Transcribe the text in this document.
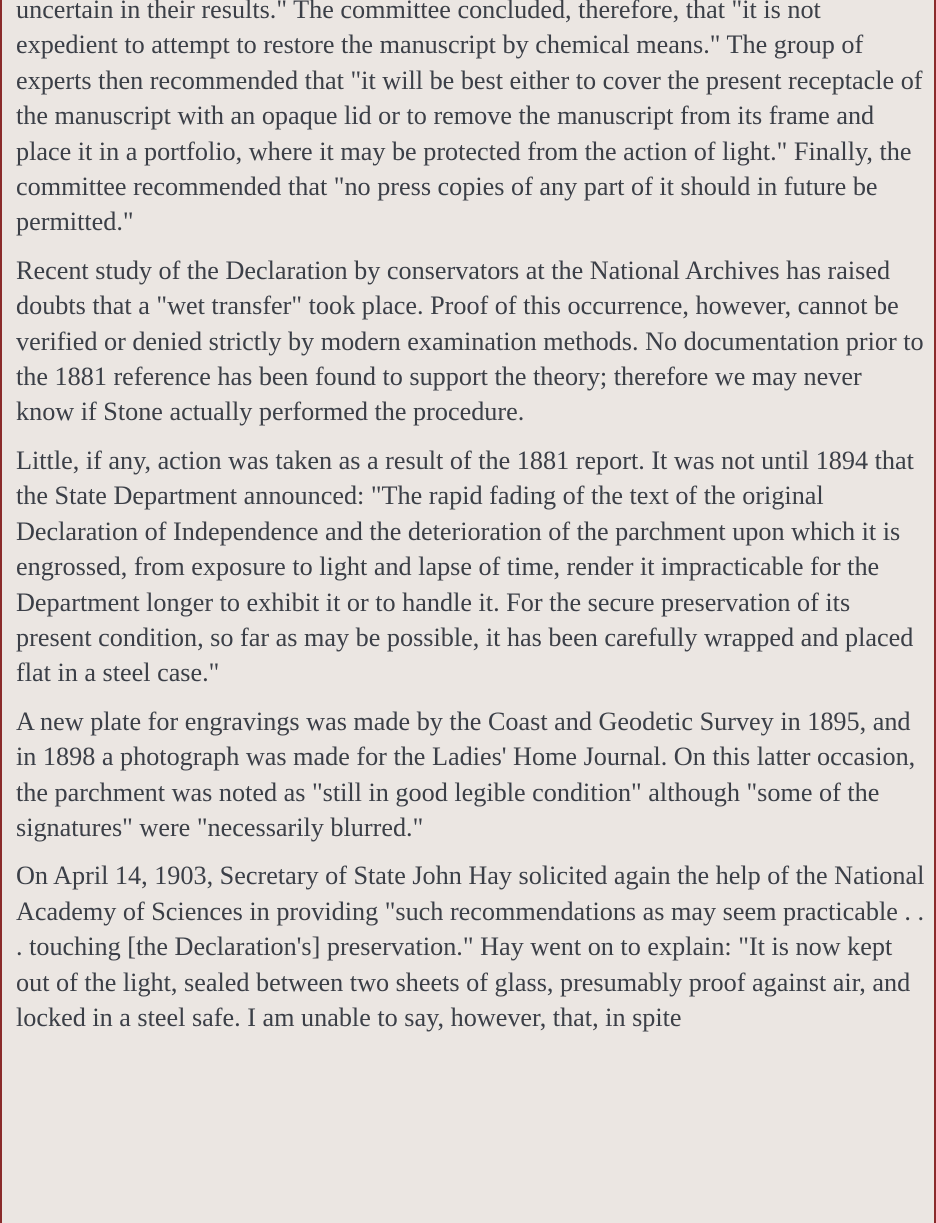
uncertain in their results." The committee concluded, therefore, that "it is not expedient to attempt to restore the manuscript by chemical means." The group of experts then recommended that "it will be best either to cover the present receptacle of the manuscript with an opaque lid or to remove the manuscript from its frame and place it in a portfolio, where it may be protected from the action of light." Finally, the committee recommended that "no press copies of any part of it should in future be permitted."

Recent study of the Declaration by conservators at the National Archives has raised doubts that a "wet transfer" took place. Proof of this occurrence, however, cannot be verified or denied strictly by modern examination methods. No documentation prior to the 1881 reference has been found to support the theory; therefore we may never know if Stone actually performed the procedure.

Little, if any, action was taken as a result of the 1881 report. It was not until 1894 that the State Department announced: "The rapid fading of the text of the original Declaration of Independence and the deterioration of the parchment upon which it is engrossed, from exposure to light and lapse of time, render it impracticable for the Department longer to exhibit it or to handle it. For the secure preservation of its present condition, so far as may be possible, it has been carefully wrapped and placed flat in a steel case."

A new plate for engravings was made by the Coast and Geodetic Survey in 1895, and in 1898 a photograph was made for the Ladies' Home Journal. On this latter occasion, the parchment was noted as "still in good legible condition" although "some of the signatures" were "necessarily blurred."

On April 14, 1903, Secretary of State John Hay solicited again the help of the National Academy of Sciences in providing "such recommendations as may seem practicable . . . touching [the Declaration's] preservation." Hay went on to explain: "It is now kept out of the light, sealed between two sheets of glass, presumably proof against air, and locked in a steel safe. I am unable to say, however, that, in spite
